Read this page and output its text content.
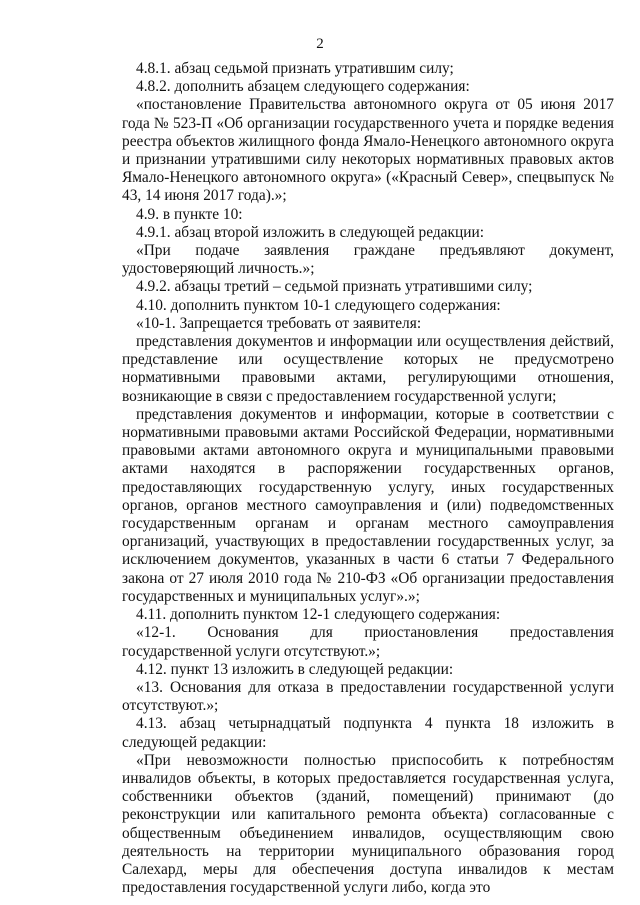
2

4.8.1. абзац седьмой признать утратившим силу;

4.8.2. дополнить абзацем следующего содержания:

«постановление Правительства автономного округа от 05 июня 2017 года № 523-П «Об организации государственного учета и порядке ведения реестра объектов жилищного фонда Ямало-Ненецкого автономного округа и признании утратившими силу некоторых нормативных правовых актов Ямало-Ненецкого автономного округа» («Красный Север», спецвыпуск № 43, 14 июня 2017 года).»;

4.9. в пункте 10:

4.9.1. абзац второй изложить в следующей редакции:

«При подаче заявления граждане предъявляют документ, удостоверяющий личность.»;

4.9.2. абзацы третий – седьмой признать утратившими силу;

4.10. дополнить пунктом 10-1 следующего содержания:

«10-1. Запрещается требовать от заявителя:

представления документов и информации или осуществления действий, представление или осуществление которых не предусмотрено нормативными правовыми актами, регулирующими отношения, возникающие в связи с предоставлением государственной услуги;

представления документов и информации, которые в соответствии с нормативными правовыми актами Российской Федерации, нормативными правовыми актами автономного округа и муниципальными правовыми актами находятся в распоряжении государственных органов, предоставляющих государственную услугу, иных государственных органов, органов местного самоуправления и (или) подведомственных государственным органам и органам местного самоуправления организаций, участвующих в предоставлении государственных услуг, за исключением документов, указанных в части 6 статьи 7 Федерального закона от 27 июля 2010 года № 210-ФЗ «Об организации предоставления государственных и муниципальных услуг».»;

4.11. дополнить пунктом 12-1 следующего содержания:

«12-1. Основания для приостановления предоставления государственной услуги отсутствуют.»;

4.12. пункт 13 изложить в следующей редакции:

«13. Основания для отказа в предоставлении государственной услуги отсутствуют.»;

4.13. абзац четырнадцатый подпункта 4 пункта 18 изложить в следующей редакции:

«При невозможности полностью приспособить к потребностям инвалидов объекты, в которых предоставляется государственная услуга, собственники объектов (зданий, помещений) принимают (до реконструкции или капитального ремонта объекта) согласованные с общественным объединением инвалидов, осуществляющим свою деятельность на территории муниципального образования город Салехард, меры для обеспечения доступа инвалидов к местам предоставления государственной услуги либо, когда это
